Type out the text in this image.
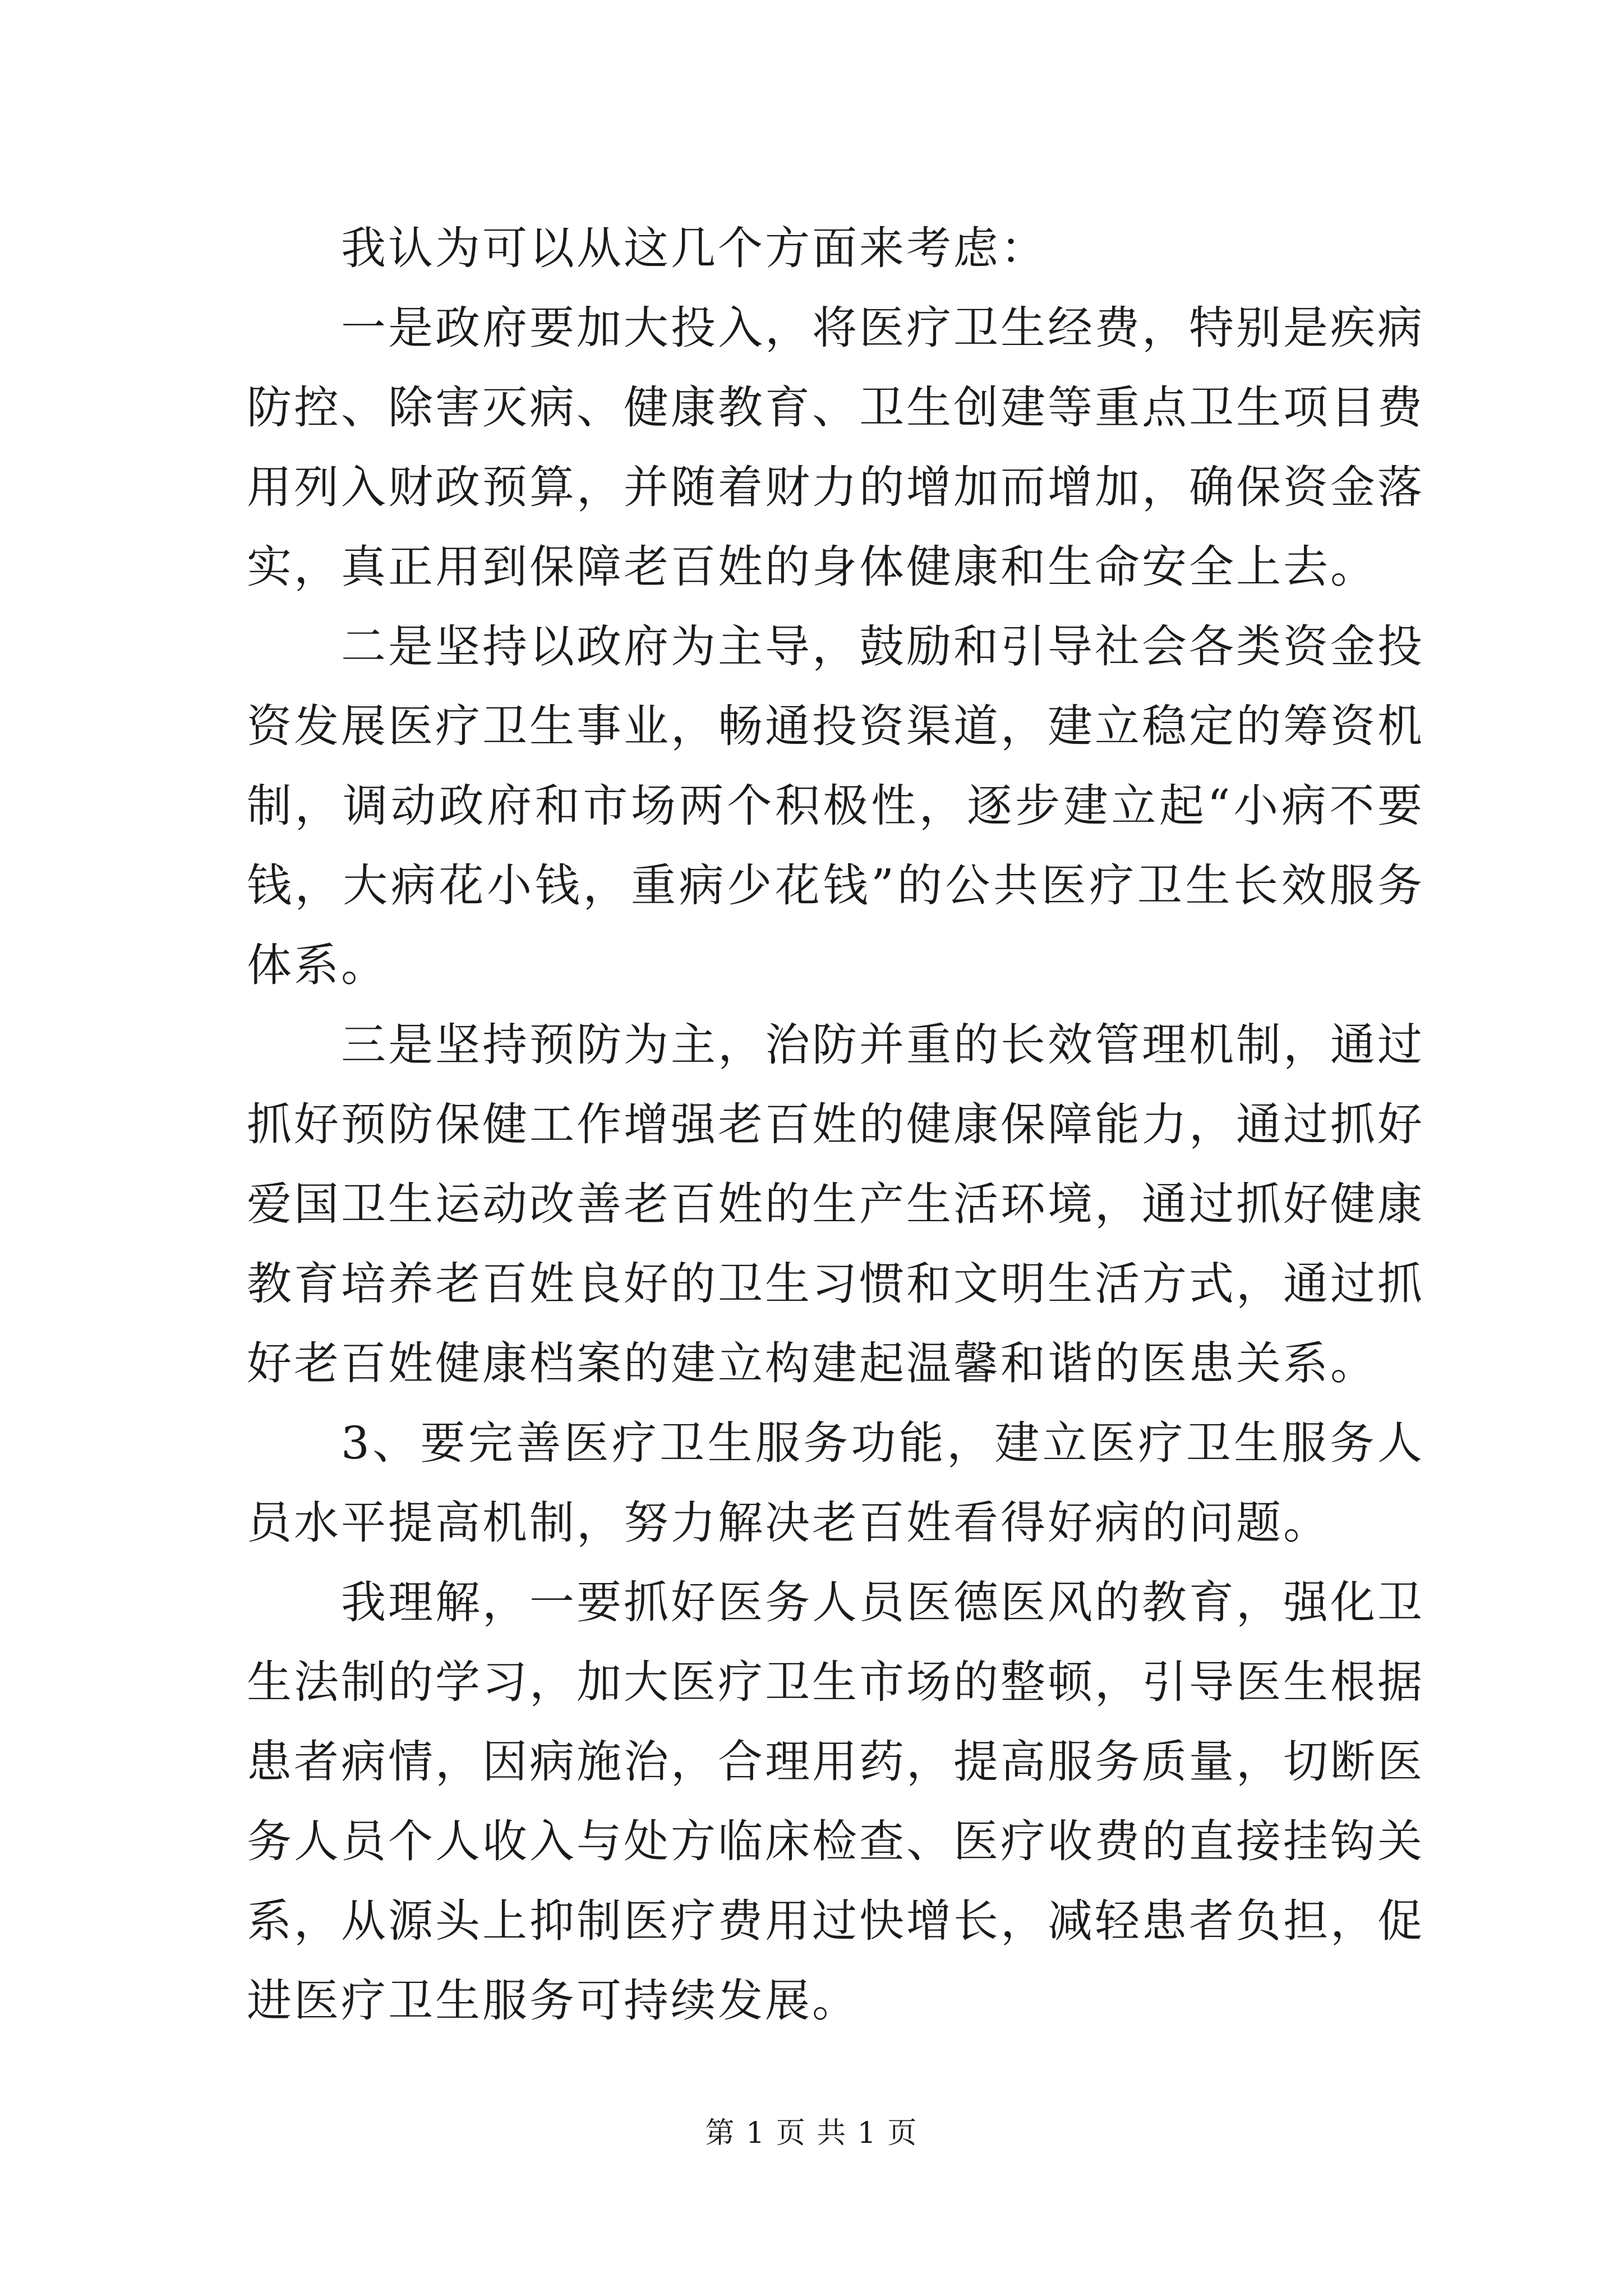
我认为可以从这几个方面来考虑：

一是政府要加大投入，将医疗卫生经费，特别是疾病防控、除害灭病、健康教育、卫生创建等重点卫生项目费用列入财政预算，并随着财力的增加而增加，确保资金落实，真正用到保障老百姓的身体健康和生命安全上去。

二是坚持以政府为主导，鼓励和引导社会各类资金投资发展医疗卫生事业，畅通投资渠道，建立稳定的筹资机制，调动政府和市场两个积极性，逐步建立起“小病不要钱，大病花小钱，重病少花钱”的公共医疗卫生长效服务体系。

三是坚持预防为主，治防并重的长效管理机制，通过抓好预防保健工作增强老百姓的健康保障能力，通过抓好爱国卫生运动改善老百姓的生产生活环境，通过抓好健康教育培养老百姓良好的卫生习惯和文明生活方式，通过抓好老百姓健康档案的建立构建起温馨和谐的医患关系。

3、要完善医疗卫生服务功能，建立医疗卫生服务人员水平提高机制，努力解决老百姓看得好病的问题。

我理解，一要抓好医务人员医德医风的教育，强化卫生法制的学习，加大医疗卫生市场的整顿，引导医生根据患者病情，因病施治，合理用药，提高服务质量，切断医务人员个人收入与处方临床检查、医疗收费的直接挂钩关系，从源头上抑制医疗费用过快增长，减轻患者负担，促进医疗卫生服务可持续发展。

第 1 页 共 1 页
